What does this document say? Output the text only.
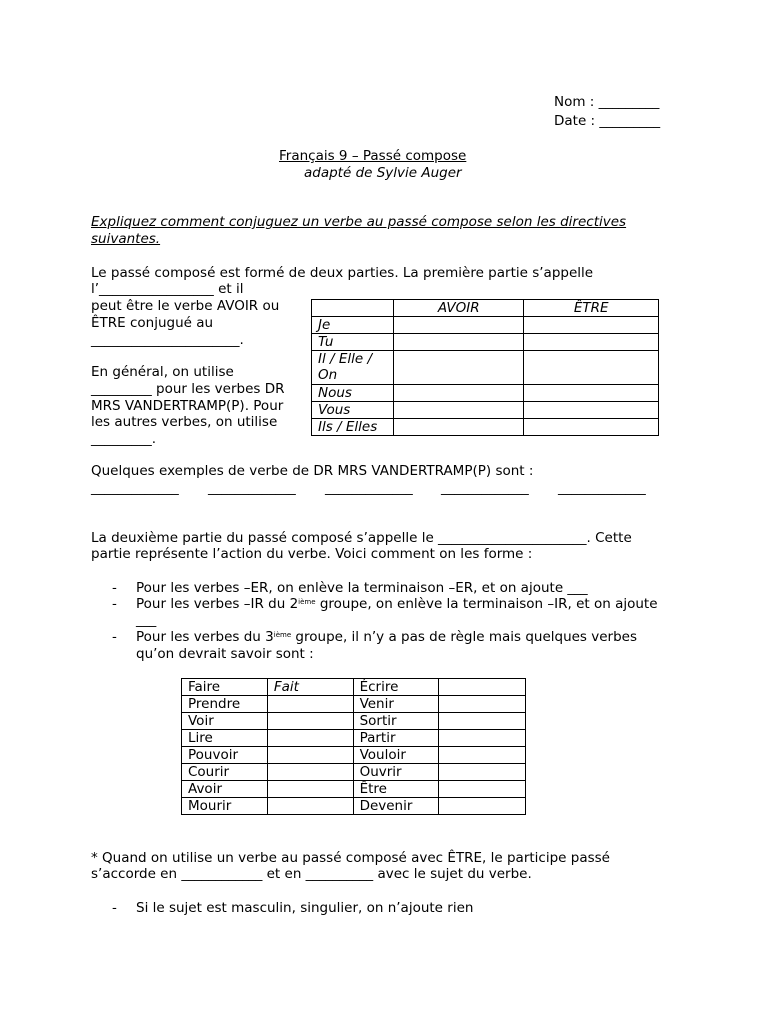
Nom : _________
Date : _________
Français 9 – Passé compose
adapté de Sylvie Auger
Expliquez comment conjuguez un verbe au passé compose selon les directives
suivantes.
Le passé composé est formé de deux parties. La première partie s’appelle
l’_________________ et il
peut être le verbe AVOIR ou
ÊTRE conjugué au
______________________.
En général, on utilise
_________ pour les verbes DR
MRS VANDERTRAMP(P). Pour
les autres verbes, on utilise
_________.
	AVOIR	ÊTRE
Je		
Tu		

Il / Elle /
On		

Nous		
Vous		
Ils / Elles		
Quelques exemples de verbe de DR MRS VANDERTRAMP(P) sont :
_____________ _____________ _____________ _____________ _____________
La deuxième partie du passé composé s’appelle le ______________________. Cette
partie représente l’action du verbe. Voici comment on les forme :
- Pour les verbes –ER, on enlève la terminaison –ER, et on ajoute ___
- Pour les verbes –IR du 2ième groupe, on enlève la terminaison –IR, et on ajoute
___
- Pour les verbes du 3ième groupe, il n’y a pas de règle mais quelques verbes
qu’on devrait savoir sont :
Faire	Fait	Écrire	
Prendre		Venir	
Voir		Sortir	
Lire		Partir	
Pouvoir		Vouloir	
Courir		Ouvrir	
Avoir		Être	
Mourir		Devenir	
* Quand on utilise un verbe au passé composé avec ÊTRE, le participe passé
s’accorde en ____________ et en __________ avec le sujet du verbe.
- Si le sujet est masculin, singulier, on n’ajoute rien
